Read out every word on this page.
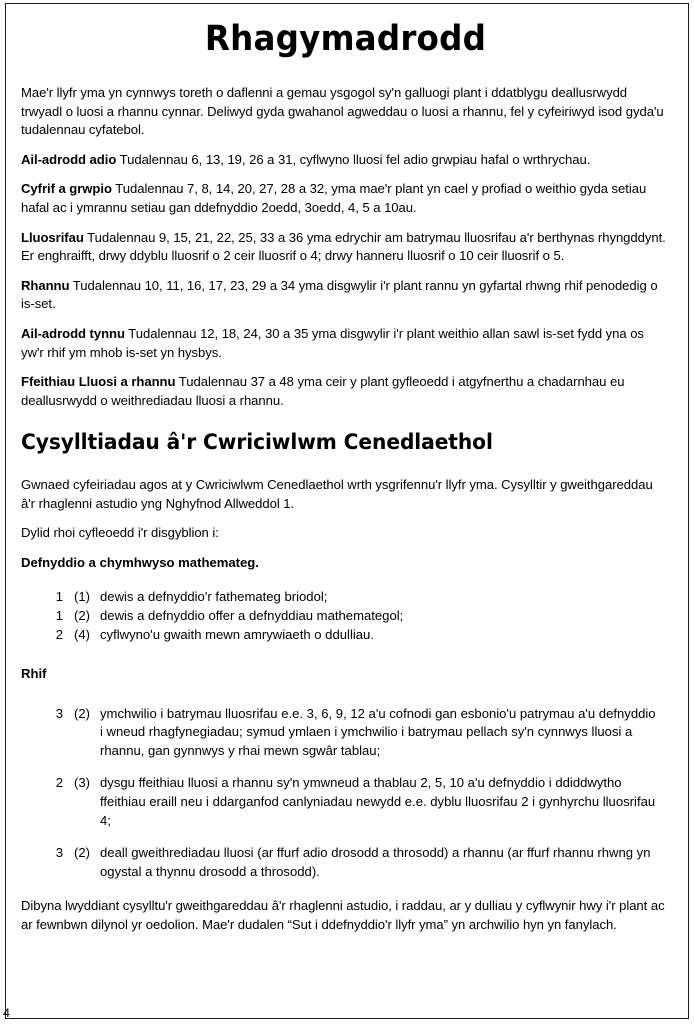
Rhagymadrodd

Mae'r llyfr yma yn cynnwys toreth o daflenni a gemau ysgogol sy'n galluogi plant i ddatblygu deallusrwydd trwyadl o luosi a rhannu cynnar. Deliwyd gyda gwahanol agweddau o luosi a rhannu, fel y cyfeiriwyd isod gyda'u tudalennau cyfatebol.

Ail-adrodd adio Tudalennau 6, 13, 19, 26 a 31, cyflwyno lluosi fel adio grwpiau hafal o wrthrychau.

Cyfrif a grwpio Tudalennau 7, 8, 14, 20, 27, 28 a 32, yma mae'r plant yn cael y profiad o weithio gyda setiau hafal ac i ymrannu setiau gan ddefnyddio 2oedd, 3oedd, 4, 5 a 10au.

Lluosrifau Tudalennau 9, 15, 21, 22, 25, 33 a 36 yma edrychir am batrymau lluosrifau a'r berthynas rhyngddynt. Er enghraifft, drwy ddyblu lluosrif o 2 ceir lluosrif o 4; drwy hanneru lluosrif o 10 ceir lluosrif o 5.

Rhannu Tudalennau 10, 11, 16, 17, 23, 29 a 34 yma disgwylir i'r plant rannu yn gyfartal rhwng rhif penodedig o is-set.

Ail-adrodd tynnu Tudalennau 12, 18, 24, 30 a 35 yma disgwylir i'r plant weithio allan sawl is-set fydd yna os yw'r rhif ym mhob is-set yn hysbys.

Ffeithiau Lluosi a rhannu Tudalennau 37 a 48 yma ceir y plant gyfleoedd i atgyfnerthu a chadarnhau eu deallusrwydd o weithrediadau lluosi a rhannu.

Cysylltiadau â'r Cwriciwlwm Cenedlaethol

Gwnaed cyfeiriadau agos at y Cwriciwlwm Cenedlaethol wrth ysgrifennu'r llyfr yma. Cysylltir y gweithgareddau â'r rhaglenni astudio yng Nghyfnod Allweddol 1.

Dylid rhoi cyfleoedd i'r disgyblion i:

Defnyddio a chymhwyso mathemateg.

1 (1) dewis a defnyddio'r fathemateg briodol;
1 (2) dewis a defnyddio offer a defnyddiau mathemategol;
2 (4) cyflwyno'u gwaith mewn amrywiaeth o ddulliau.

Rhif

3 (2) ymchwilio i batrymau lluosrifau e.e. 3, 6, 9, 12 a'u cofnodi gan esbonio'u patrymau a'u defnyddio i wneud rhagfynegiadau; symud ymlaen i ymchwilio i batrymau pellach sy'n cynnwys lluosi a rhannu, gan gynnwys y rhai mewn sgwâr tablau;
2 (3) dysgu ffeithiau lluosi a rhannu sy'n ymwneud a thablau 2, 5, 10 a'u defnyddio i ddiddwytho ffeithiau eraill neu i ddarganfod canlyniadau newydd e.e. dyblu lluosrifau 2 i gynhyrchu lluosrifau 4;
3 (2) deall gweithrediadau lluosi (ar ffurf adio drosodd a throsodd) a rhannu (ar ffurf rhannu rhwng yn ogystal a thynnu drosodd a throsodd).

Dibyna lwyddiant cysylltu'r gweithgareddau â'r rhaglenni astudio, i raddau, ar y dulliau y cyflwynir hwy i'r plant ac ar fewnbwn dilynol yr oedolion. Mae'r dudalen “Sut i ddefnyddio'r llyfr yma” yn archwilio hyn yn fanylach.

4
